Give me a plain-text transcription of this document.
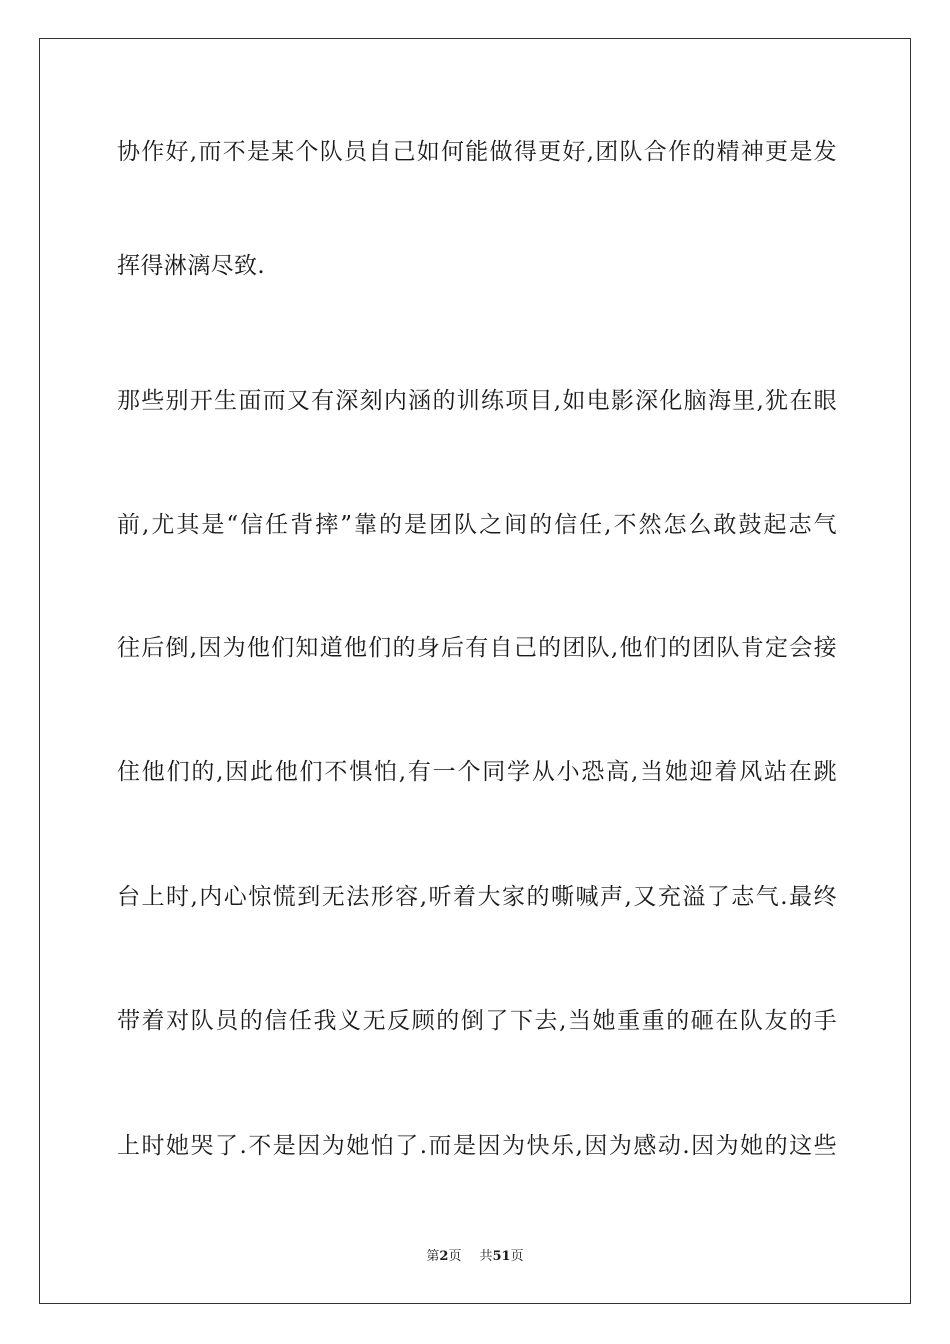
协作好,而不是某个队员自己如何能做得更好,团队合作的精神更是发
挥得淋漓尽致.
那些别开生面而又有深刻内涵的训练项目,如电影深化脑海里,犹在眼
前,尤其是“信任背摔”靠的是团队之间的信任,不然怎么敢鼓起志气
往后倒,因为他们知道他们的身后有自己的团队,他们的团队肯定会接
住他们的,因此他们不惧怕,有一个同学从小恐高,当她迎着风站在跳
台上时,内心惊慌到无法形容,听着大家的嘶喊声,又充溢了志气.最终
带着对队员的信任我义无反顾的倒了下去,当她重重的砸在队友的手
上时她哭了.不是因为她怕了.而是因为快乐,因为感动.因为她的这些
第2页 共51页
